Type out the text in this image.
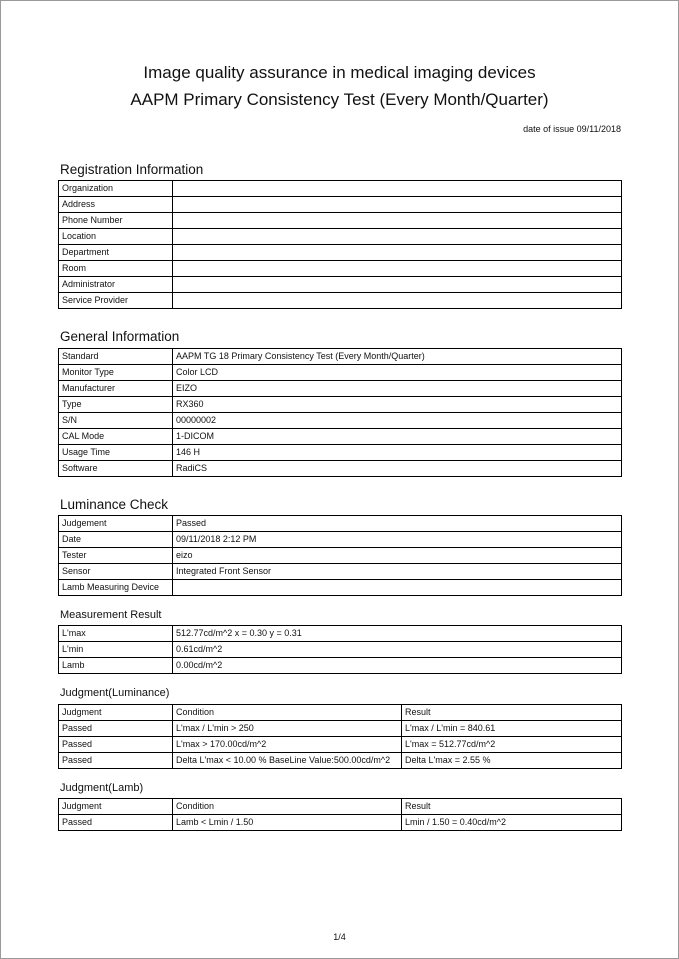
Image quality assurance in medical imaging devices
AAPM Primary Consistency Test (Every Month/Quarter)
date of issue 09/11/2018
Registration Information
Organization	
Address	
Phone Number	
Location	
Department	
Room	
Administrator	
Service Provider	
General Information
Standard	AAPM TG 18 Primary Consistency Test (Every Month/Quarter)
Monitor Type	Color LCD
Manufacturer	EIZO
Type	RX360
S/N	00000002
CAL Mode	1-DICOM
Usage Time	146 H
Software	RadiCS
Luminance Check
Judgement	Passed
Date	09/11/2018 2:12 PM
Tester	eizo
Sensor	Integrated Front Sensor
Lamb Measuring Device	
Measurement Result
L'max	512.77cd/m^2 x = 0.30 y = 0.31
L'min	0.61cd/m^2
Lamb	0.00cd/m^2
Judgment(Luminance)
Judgment	Condition	Result
Passed	L'max / L'min > 250	L'max / L'min = 840.61
Passed	L'max > 170.00cd/m^2	L'max = 512.77cd/m^2
Passed	Delta L'max < 10.00 % BaseLine Value:500.00cd/m^2	Delta L'max = 2.55 %
Judgment(Lamb)
Judgment	Condition	Result
Passed	Lamb < Lmin / 1.50	Lmin / 1.50 = 0.40cd/m^2
1/4
